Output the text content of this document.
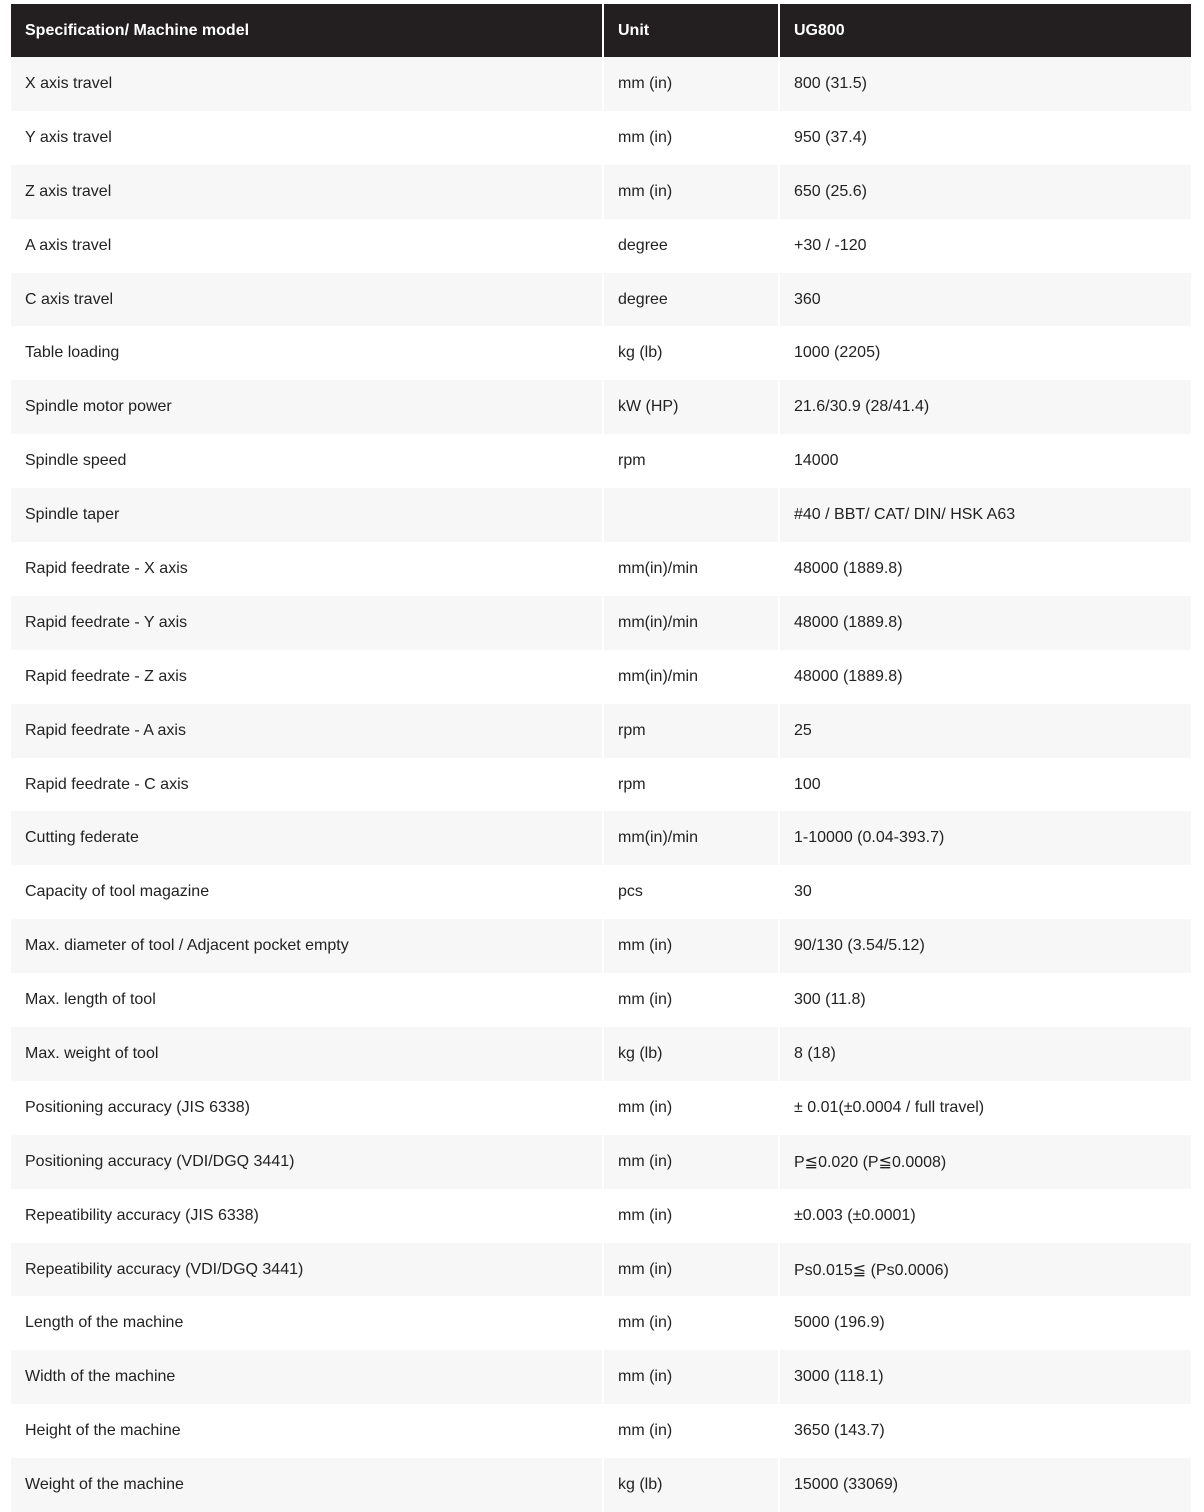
Specification/ Machine model	Unit	UG800
X axis travel	mm (in)	800 (31.5)
Y axis travel	mm (in)	950 (37.4)
Z axis travel	mm (in)	650 (25.6)
A axis travel	degree	+30 / -120
C axis travel	degree	360
Table loading	kg (lb)	1000 (2205)
Spindle motor power	kW (HP)	21.6/30.9 (28/41.4)
Spindle speed	rpm	14000
Spindle taper		#40 / BBT/ CAT/ DIN/ HSK A63
Rapid feedrate - X axis	mm(in)/min	48000 (1889.8)
Rapid feedrate - Y axis	mm(in)/min	48000 (1889.8)
Rapid feedrate - Z axis	mm(in)/min	48000 (1889.8)
Rapid feedrate - A axis	rpm	25
Rapid feedrate - C axis	rpm	100
Cutting federate	mm(in)/min	1-10000 (0.04-393.7)
Capacity of tool magazine	pcs	30
Max. diameter of tool / Adjacent pocket empty	mm (in)	90/130 (3.54/5.12)
Max. length of tool	mm (in)	300 (11.8)
Max. weight of tool	kg (lb)	8 (18)
Positioning accuracy (JIS 6338)	mm (in)	± 0.01(±0.0004 / full travel)
Positioning accuracy (VDI/DGQ 3441)	mm (in)	P≦0.020 (P≦0.0008)
Repeatibility accuracy (JIS 6338)	mm (in)	±0.003 (±0.0001)
Repeatibility accuracy (VDI/DGQ 3441)	mm (in)	Ps0.015≦ (Ps0.0006)
Length of the machine	mm (in)	5000 (196.9)
Width of the machine	mm (in)	3000 (118.1)
Height of the machine	mm (in)	3650 (143.7)
Weight of the machine	kg (lb)	15000 (33069)
